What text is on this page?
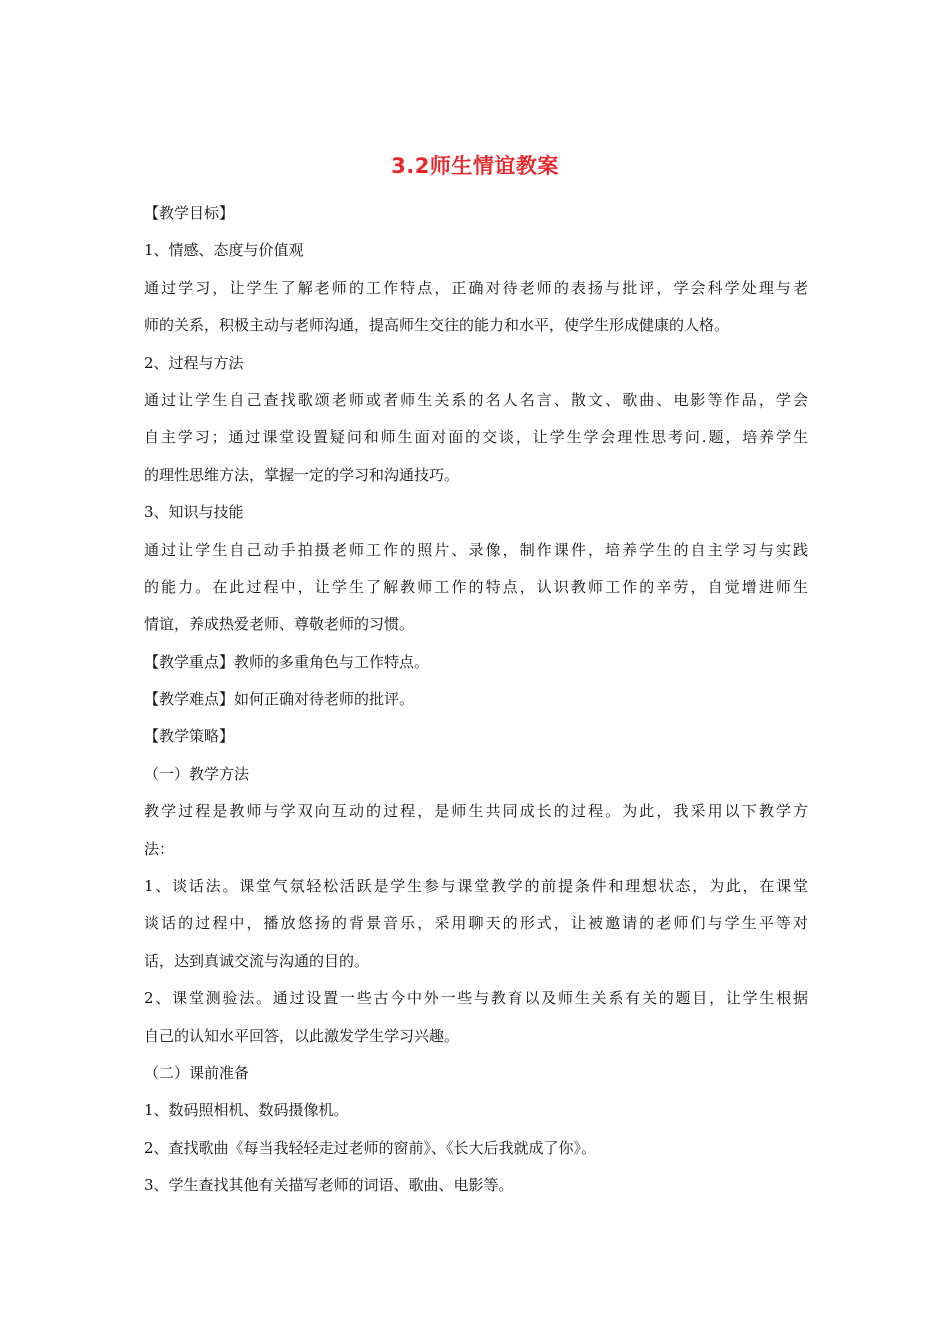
3.2师生情谊教案
【教学目标】
1、情感、态度与价值观
通过学习，让学生了解老师的工作特点，正确对待老师的表扬与批评，学会科学处理与老
师的关系，积极主动与老师沟通，提高师生交往的能力和水平，使学生形成健康的人格。
2、过程与方法
通过让学生自己查找歌颂老师或者师生关系的名人名言、散文、歌曲、电影等作品，学会
自主学习；通过课堂设置疑问和师生面对面的交谈，让学生学会理性思考问.题，培养学生
的理性思维方法，掌握一定的学习和沟通技巧。
3、知识与技能
通过让学生自己动手拍摄老师工作的照片、录像，制作课件，培养学生的自主学习与实践
的能力。在此过程中，让学生了解教师工作的特点，认识教师工作的辛劳，自觉增进师生
情谊，养成热爱老师、尊敬老师的习惯。
【教学重点】教师的多重角色与工作特点。
【教学难点】如何正确对待老师的批评。
【教学策略】
（一）教学方法
教学过程是教师与学双向互动的过程，是师生共同成长的过程。为此，我采用以下教学方
法：
1、谈话法。课堂气氛轻松活跃是学生参与课堂教学的前提条件和理想状态，为此，在课堂
谈话的过程中，播放悠扬的背景音乐，采用聊天的形式，让被邀请的老师们与学生平等对
话，达到真诚交流与沟通的目的。
2、课堂测验法。通过设置一些古今中外一些与教育以及师生关系有关的题目，让学生根据
自己的认知水平回答，以此激发学生学习兴趣。
（二）课前准备
1、数码照相机、数码摄像机。
2、查找歌曲《每当我轻轻走过老师的窗前》、《长大后我就成了你》。
3、学生查找其他有关描写老师的词语、歌曲、电影等。
